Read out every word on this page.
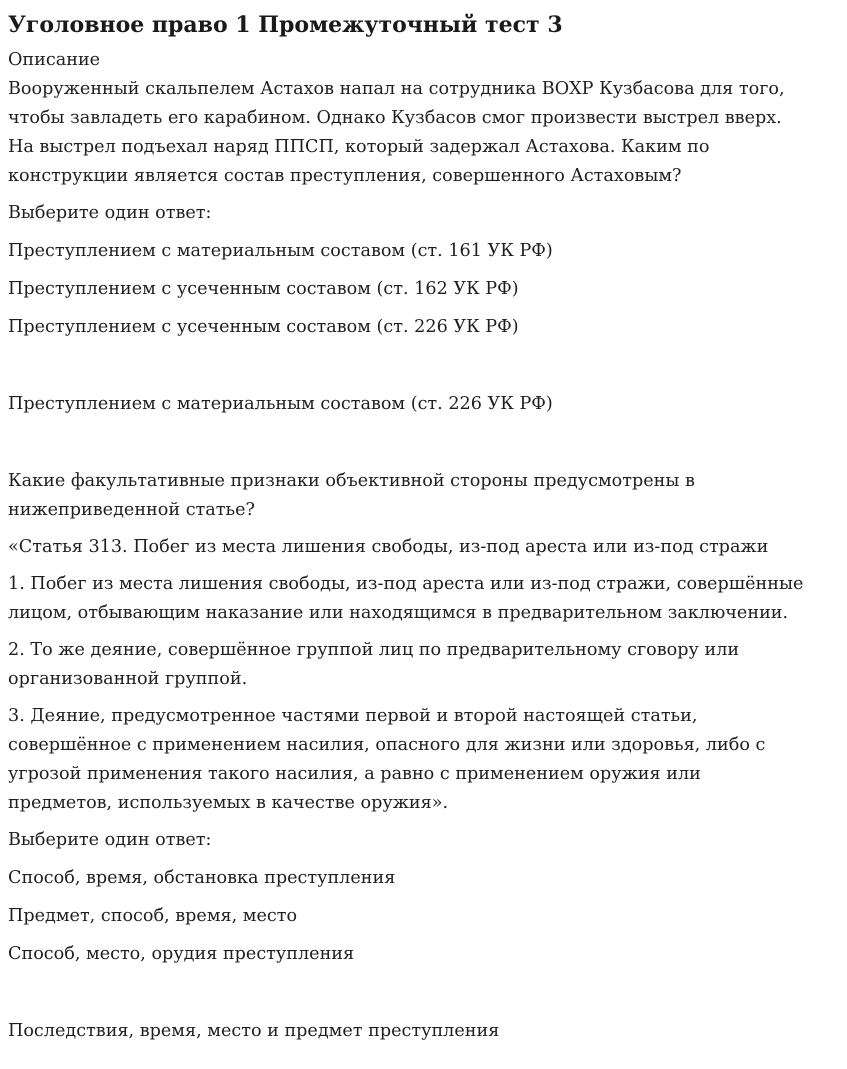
Уголовное право 1 Промежуточный тест 3
Описание
Вооруженный скальпелем Астахов напал на сотрудника ВОХР Кузбасова для того,
чтобы завладеть его карабином. Однако Кузбасов смог произвести выстрел вверх.
На выстрел подъехал наряд ППСП, который задержал Астахова. Каким по
конструкции является состав преступления, совершенного Астаховым?
Выберите один ответ:
Преступлением с материальным составом (ст. 161 УК РФ)
Преступлением с усеченным составом (ст. 162 УК РФ)
Преступлением с усеченным составом (ст. 226 УК РФ)
Преступлением с материальным составом (ст. 226 УК РФ)
Какие факультативные признаки объективной стороны предусмотрены в
нижеприведенной статье?
«Статья 313. Побег из места лишения свободы, из-под ареста или из-под стражи
1. Побег из места лишения свободы, из-под ареста или из-под стражи, совершённые
лицом, отбывающим наказание или находящимся в предварительном заключении.
2. То же деяние, совершённое группой лиц по предварительному сговору или
организованной группой.
3. Деяние, предусмотренное частями первой и второй настоящей статьи,
совершённое с применением насилия, опасного для жизни или здоровья, либо с
угрозой применения такого насилия, а равно с применением оружия или
предметов, используемых в качестве оружия».
Выберите один ответ:
Способ, время, обстановка преступления
Предмет, способ, время, место
Способ, место, орудия преступления
Последствия, время, место и предмет преступления
